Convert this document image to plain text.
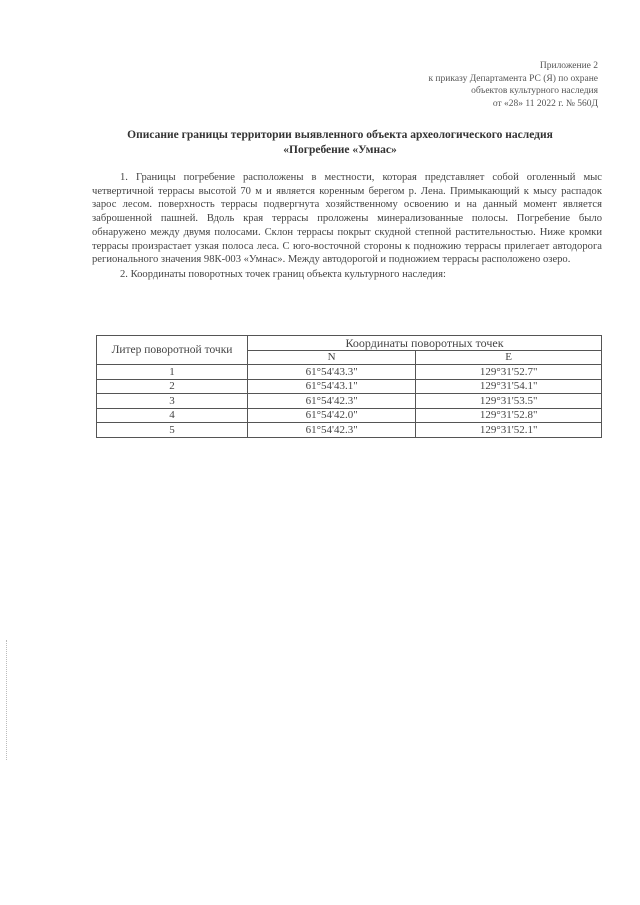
Приложение 2
к приказу Департамента РС (Я) по охране
объектов культурного наследия
от «28» 11 2022 г. № 560Д
Описание границы территории выявленного объекта археологического наследия
«Погребение «Умнас»

1. Границы погребение расположены в местности, которая представляет собой оголенный мыс четвертичной террасы высотой 70 м и является коренным берегом р. Лена. Примыкающий к мысу распадок зарос лесом. поверхность террасы подвергнута хозяйственному освоению и на данный момент является заброшенной пашней. Вдоль края террасы проложены минерализованные полосы. Погребение было обнаружено между двумя полосами. Склон террасы покрыт скудной степной растительностью. Ниже кромки террасы произрастает узкая полоса леса. С юго-восточной стороны к подножию террасы прилегает автодорога регионального значения 98К-003 «Умнас». Между автодорогой и подножием террасы расположено озеро.

2. Координаты поворотных точек границ объекта культурного наследия:

Литер поворотной точки	Координаты поворотных точек	
	N	E
1	61°54'43.3"	129°31'52.7"
2	61°54'43.1"	129°31'54.1"
3	61°54'42.3"	129°31'53.5"
4	61°54'42.0"	129°31'52.8"
5	61°54'42.3"	129°31'52.1"
